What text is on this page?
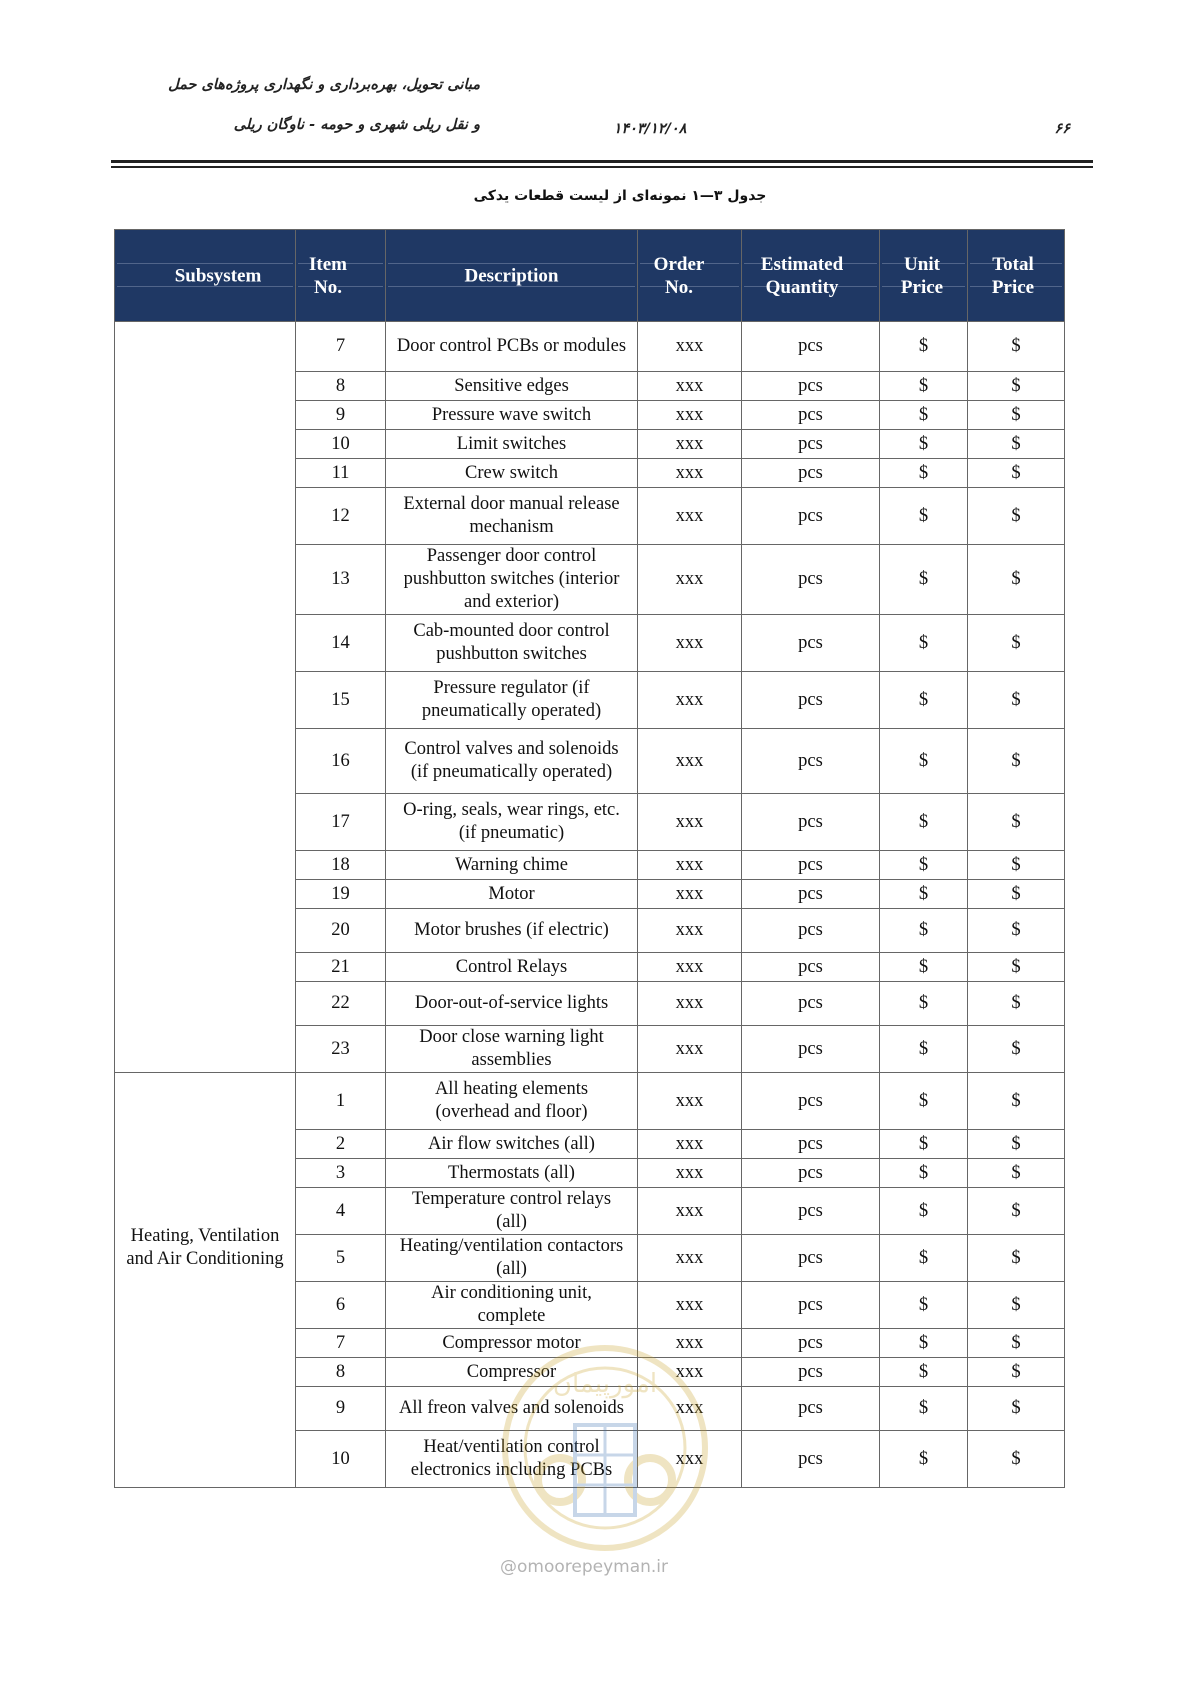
مبانی تحویل، بهره‌برداری و نگهداری پروژه‌های حمل
و نقل ریلی شهری و حومه - ناوگان ریلی	۱۴۰۳/۱۲/۰۸	۶۶
جدول ۳—۱ نمونه‌ای از لیست قطعات یدکی
Subsystem	Item No.	Description	Order No.	Estimated Quantity	Unit Price	Total Price

	7	Door control PCBs or modules	xxx	pcs	$	$
	8	Sensitive edges	xxx	pcs	$	$
	9	Pressure wave switch	xxx	pcs	$	$
	10	Limit switches	xxx	pcs	$	$
	11	Crew switch	xxx	pcs	$	$
	12	External door manual release mechanism	xxx	pcs	$	$
	13	Passenger door control pushbutton switches (interior and exterior)	xxx	pcs	$	$
	14	Cab-mounted door control pushbutton switches	xxx	pcs	$	$
	15	Pressure regulator (if pneumatically operated)	xxx	pcs	$	$
	16	Control valves and solenoids (if pneumatically operated)	xxx	pcs	$	$
	17	O-ring, seals, wear rings, etc. (if pneumatic)	xxx	pcs	$	$
	18	Warning chime	xxx	pcs	$	$
	19	Motor	xxx	pcs	$	$
	20	Motor brushes (if electric)	xxx	pcs	$	$
	21	Control Relays	xxx	pcs	$	$
	22	Door-out-of-service lights	xxx	pcs	$	$
	23	Door close warning light assemblies	xxx	pcs	$	$
Heating, Ventilation and Air Conditioning	1	All heating elements (overhead and floor)	xxx	pcs	$	$
	2	Air flow switches (all)	xxx	pcs	$	$
	3	Thermostats (all)	xxx	pcs	$	$
	4	Temperature control relays (all)	xxx	pcs	$	$
	5	Heating/ventilation contactors (all)	xxx	pcs	$	$
	6	Air conditioning unit, complete	xxx	pcs	$	$
	7	Compressor motor	xxx	pcs	$	$
	8	Compressor	xxx	pcs	$	$
	9	All freon valves and solenoids	xxx	pcs	$	$
	10	Heat/ventilation control electronics including PCBs	xxx	pcs	$	$
امورپیمان
@omoorepeyman.ir
